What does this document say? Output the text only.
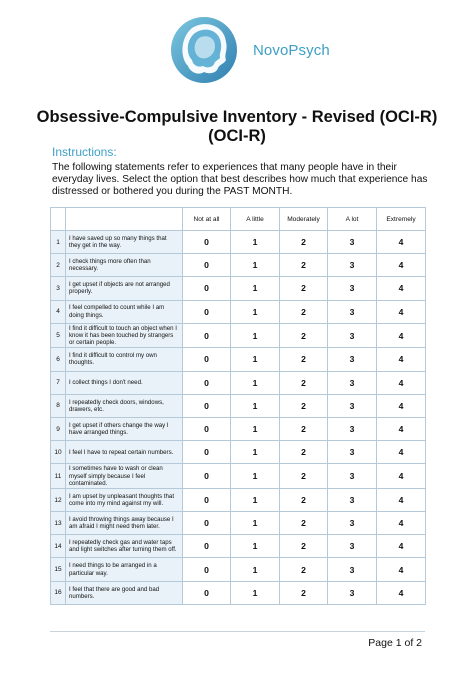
NovoPsych
Obsessive-Compulsive Inventory - Revised (OCI-R)
(OCI-R)
Instructions:
The following statements refer to experiences that many people have in their everyday lives. Select the option that best describes how much that experience has distressed or bothered you during the PAST MONTH.
		Not at all	A little	Moderately	A lot	Extremely
1	I have saved up so many things that they get in the way.	0	1	2	3	4
2	I check things more often than necessary.	0	1	2	3	4
3	I get upset if objects are not arranged properly.	0	1	2	3	4
4	I feel compelled to count while I am doing things.	0	1	2	3	4
5	I find it difficult to touch an object when I know it has been touched by strangers or certain people.	0	1	2	3	4
6	I find it difficult to control my own thoughts.	0	1	2	3	4
7	I collect things I don't need.	0	1	2	3	4
8	I repeatedly check doors, windows, drawers, etc.	0	1	2	3	4
9	I get upset if others change the way I have arranged things.	0	1	2	3	4
10	I feel I have to repeat certain numbers.	0	1	2	3	4
11	I sometimes have to wash or clean myself simply because I feel contaminated.	0	1	2	3	4
12	I am upset by unpleasant thoughts that come into my mind against my will.	0	1	2	3	4
13	I avoid throwing things away because I am afraid I might need them later.	0	1	2	3	4
14	I repeatedly check gas and water taps and light switches after turning them off.	0	1	2	3	4
15	I need things to be arranged in a particular way.	0	1	2	3	4
16	I feel that there are good and bad numbers.	0	1	2	3	4
Page 1 of 2
